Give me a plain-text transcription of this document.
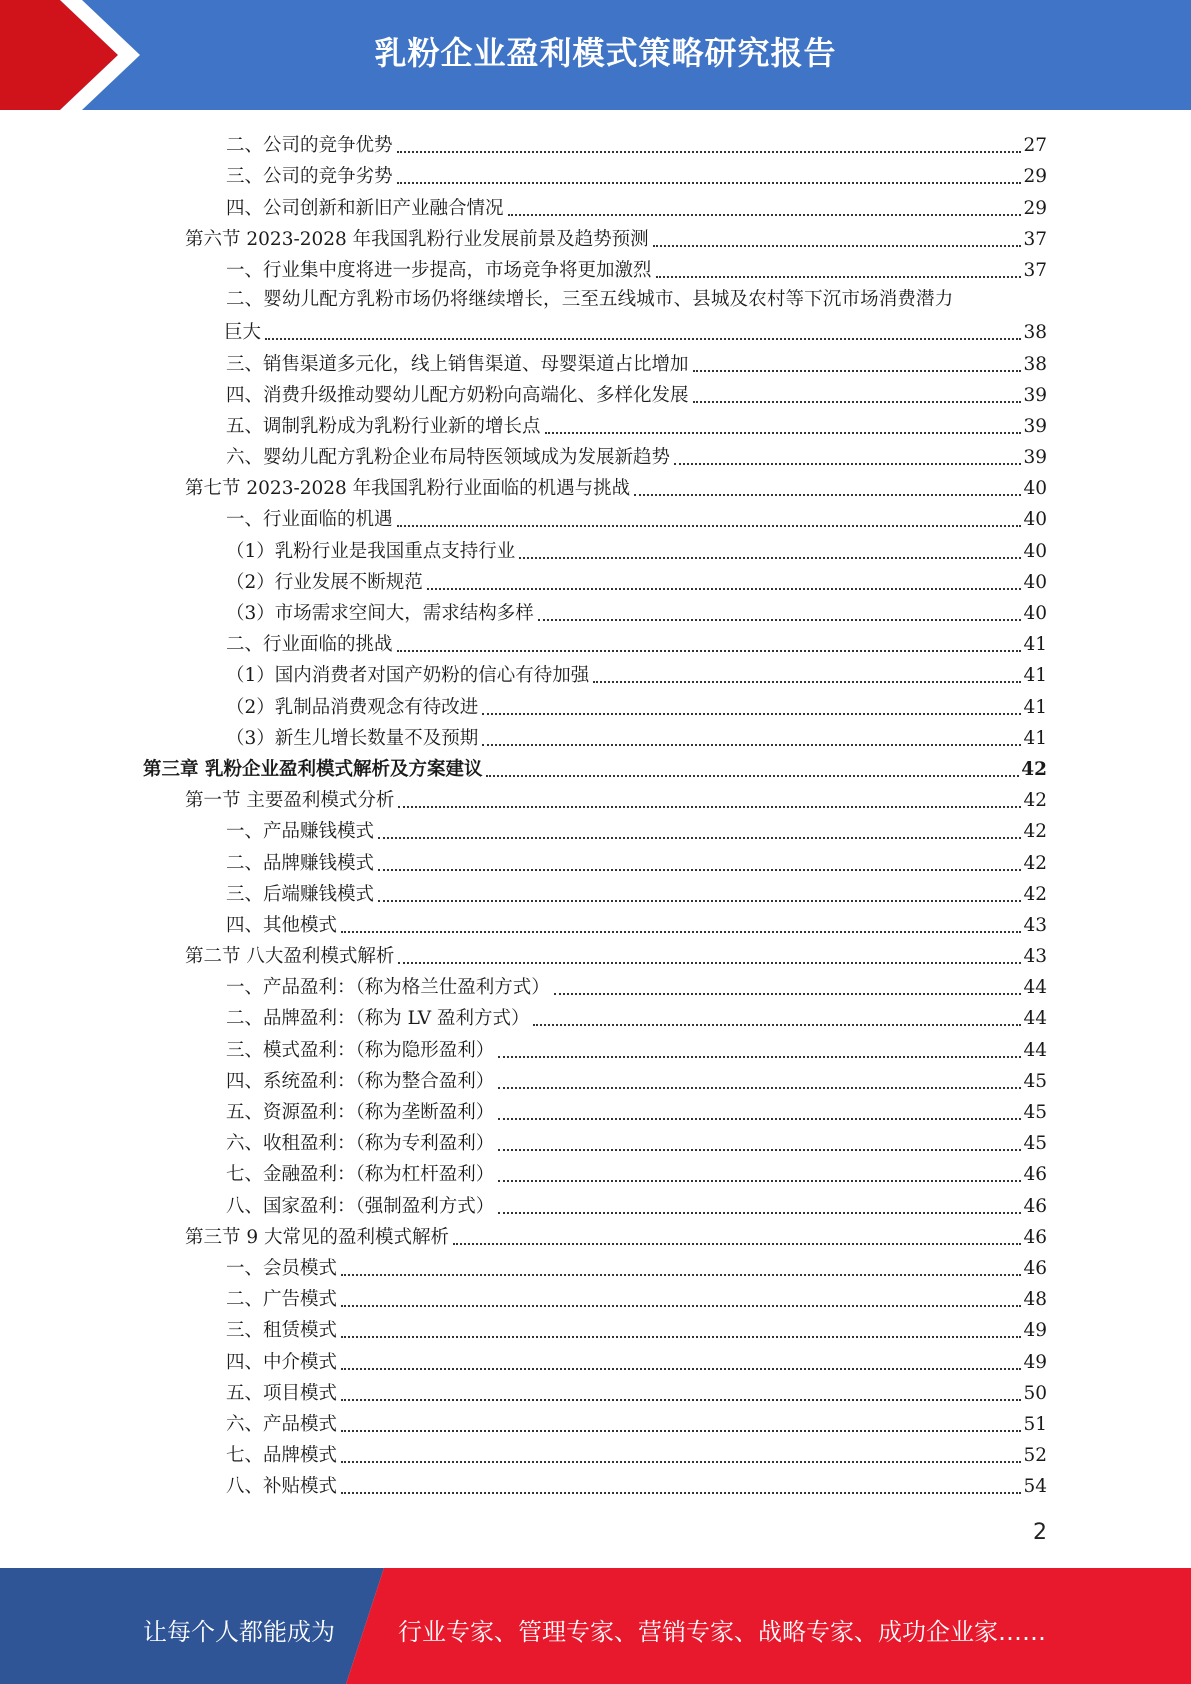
乳粉企业盈利模式策略研究报告
二、公司的竞争优势	27
三、公司的竞争劣势	29
四、公司创新和新旧产业融合情况	29
第六节 2023-2028 年我国乳粉行业发展前景及趋势预测	37
一、行业集中度将进一步提高，市场竞争将更加激烈	37
二、婴幼儿配方乳粉市场仍将继续增长，三至五线城市、县城及农村等下沉市场消费潜力
巨大	38
三、销售渠道多元化，线上销售渠道、母婴渠道占比增加	38
四、消费升级推动婴幼儿配方奶粉向高端化、多样化发展	39
五、调制乳粉成为乳粉行业新的增长点	39
六、婴幼儿配方乳粉企业布局特医领域成为发展新趋势	39
第七节 2023-2028 年我国乳粉行业面临的机遇与挑战	40
一、行业面临的机遇	40
（1）乳粉行业是我国重点支持行业	40
（2）行业发展不断规范	40
（3）市场需求空间大，需求结构多样	40
二、行业面临的挑战	41
（1）国内消费者对国产奶粉的信心有待加强	41
（2）乳制品消费观念有待改进	41
（3）新生儿增长数量不及预期	41
第三章 乳粉企业盈利模式解析及方案建议	42
第一节 主要盈利模式分析	42
一、产品赚钱模式	42
二、品牌赚钱模式	42
三、后端赚钱模式	42
四、其他模式	43
第二节 八大盈利模式解析	43
一、产品盈利：（称为格兰仕盈利方式）	44
二、品牌盈利：（称为 LV 盈利方式）	44
三、模式盈利：（称为隐形盈利）	44
四、系统盈利：（称为整合盈利）	45
五、资源盈利：（称为垄断盈利）	45
六、收租盈利：（称为专利盈利）	45
七、金融盈利：（称为杠杆盈利）	46
八、国家盈利：（强制盈利方式）	46
第三节 9 大常见的盈利模式解析	46
一、会员模式	46
二、广告模式	48
三、租赁模式	49
四、中介模式	49
五、项目模式	50
六、产品模式	51
七、品牌模式	52
八、补贴模式	54
2
让每个人都能成为	行业专家、管理专家、营销专家、战略专家、成功企业家……
